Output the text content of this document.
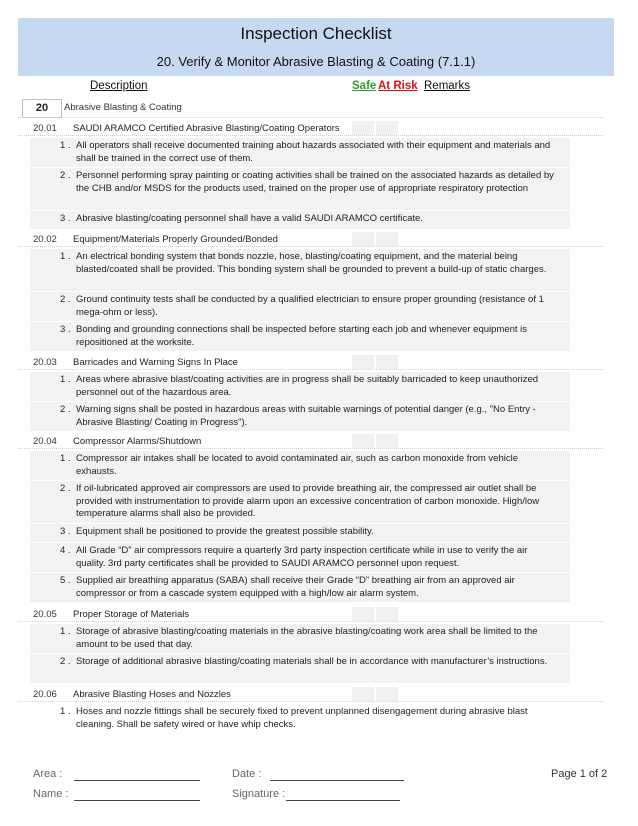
Inspection Checklist
20. Verify & Monitor Abrasive Blasting & Coating (7.1.1)
Description	Safe At Risk Remarks
20	Abrasive Blasting & Coating
20.01 SAUDI ARAMCO Certified Abrasive Blasting/Coating Operators
1 . All operators shall receive documented training about hazards associated with their equipment and materials and shall be trained in the correct use of them.
2 . Personnel performing spray painting or coating activities shall be trained on the associated hazards as detailed by the CHB and/or MSDS for the products used, trained on the proper use of appropriate respiratory protection
3 . Abrasive blasting/coating personnel shall have a valid SAUDI ARAMCO certificate.
20.02 Equipment/Materials Properly Grounded/Bonded
1 . An electrical bonding system that bonds nozzle, hose, blasting/coating equipment, and the material being blasted/coated shall be provided. This bonding system shall be grounded to prevent a build-up of static charges.
2 . Ground continuity tests shall be conducted by a qualified electrician to ensure proper grounding (resistance of 1 mega-ohm or less).
3 . Bonding and grounding connections shall be inspected before starting each job and whenever equipment is repositioned at the worksite.
20.03 Barricades and Warning Signs In Place
1 . Areas where abrasive blast/coating activities are in progress shall be suitably barricaded to keep unauthorized personnel out of the hazardous area.
2 . Warning signs shall be posted in hazardous areas with suitable warnings of potential danger (e.g., "No Entry - Abrasive Blasting/ Coating in Progress").
20.04 Compressor Alarms/Shutdown
1 . Compressor air intakes shall be located to avoid contaminated air, such as carbon monoxide from vehicle exhausts.
2 . If oil-lubricated approved air compressors are used to provide breathing air, the compressed air outlet shall be provided with instrumentation to provide alarm upon an excessive concentration of carbon monoxide. High/low temperature alarms shall also be provided.
3 . Equipment shall be positioned to provide the greatest possible stability.
4 . All Grade “D” air compressors require a quarterly 3rd party inspection certificate while in use to verify the air quality. 3rd party certificates shall be provided to SAUDI ARAMCO personnel upon request.
5 . Supplied air breathing apparatus (SABA) shall receive their Grade “D” breathing air from an approved air compressor or from a cascade system equipped with a high/low air alarm system.
20.05 Proper Storage of Materials
1 . Storage of abrasive blasting/coating materials in the abrasive blasting/coating work area shall be limited to the amount to be used that day.
2 . Storage of additional abrasive blasting/coating materials shall be in accordance with manufacturer’s instructions.
20.06 Abrasive Blasting Hoses and Nozzles
1 . Hoses and nozzle fittings shall be securely fixed to prevent unplanned disengagement during abrasive blast cleaning. Shall be safety wired or have whip checks.
Area :	Date :	Page 1 of 2
Name :	Signature :
